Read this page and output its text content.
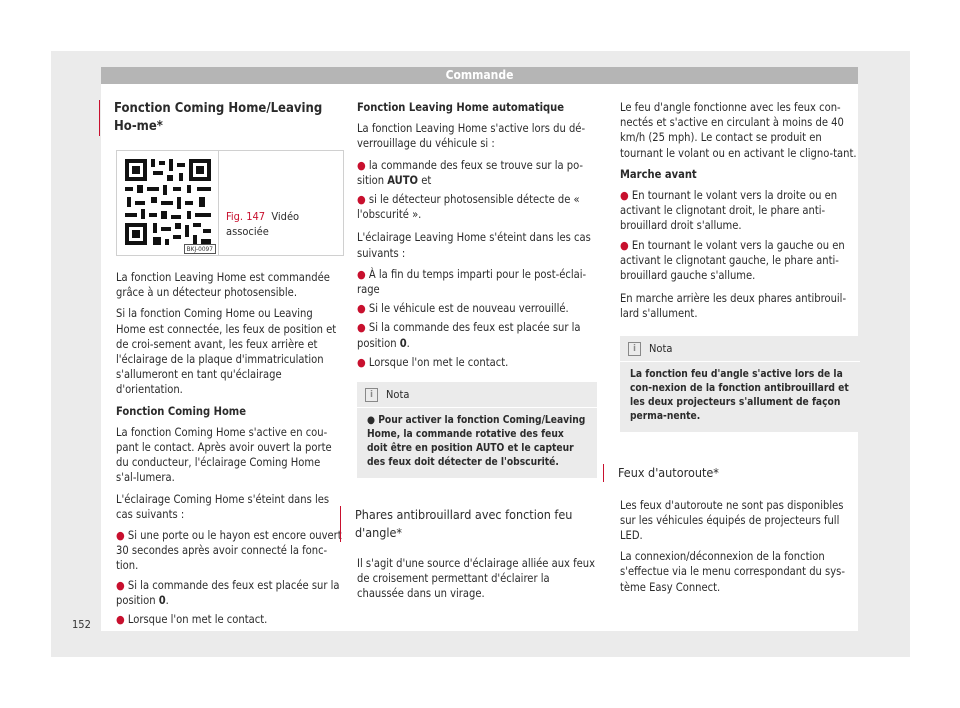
Commande
Fonction Coming Home/Leaving Ho-me*
BKJ-0097
Fig. 147 Vidéo associée

La fonction Leaving Home est commandée grâce à un détecteur photosensible.

Si la fonction Coming Home ou Leaving Home est connectée, les feux de position et de croi-sement avant, les feux arrière et l'éclairage de la plaque d'immatriculation s'allumeront en tant qu'éclairage d'orientation.

Fonction Coming Home

La fonction Coming Home s'active en cou-pant le contact. Après avoir ouvert la porte du conducteur, l'éclairage Coming Home s'al-lumera.

L'éclairage Coming Home s'éteint dans les cas suivants :

● Si une porte ou le hayon est encore ouvert 30 secondes après avoir connecté la fonc-tion.
● Si la commande des feux est placée sur la position 0.
● Lorsque l'on met le contact.

Fonction Leaving Home automatique

La fonction Leaving Home s'active lors du dé-verrouillage du véhicule si :

● la commande des feux se trouve sur la po-sition AUTO et
● si le détecteur photosensible détecte de « l'obscurité ».

L'éclairage Leaving Home s'éteint dans les cas suivants :

● À la fin du temps imparti pour le post-éclai-rage
● Si le véhicule est de nouveau verrouillé.
● Si la commande des feux est placée sur la position 0.
● Lorsque l'on met le contact.
i	Nota
● Pour activer la fonction Coming/Leaving Home, la commande rotative des feux doit être en position AUTO et le capteur des feux doit détecter de l'obscurité.
Phares antibrouillard avec fonction feu d'angle*

Il s'agit d'une source d'éclairage alliée aux feux de croisement permettant d'éclairer la chaussée dans un virage.

Le feu d'angle fonctionne avec les feux con-nectés et s'active en circulant à moins de 40 km/h (25 mph). Le contact se produit en tournant le volant ou en activant le cligno-tant.

Marche avant

● En tournant le volant vers la droite ou en activant le clignotant droit, le phare anti-brouillard droit s'allume.
● En tournant le volant vers la gauche ou en activant le clignotant gauche, le phare anti-brouillard gauche s'allume.

En marche arrière les deux phares antibrouil-lard s'allument.

i	Nota
La fonction feu d'angle s'active lors de la con-nexion de la fonction antibrouillard et les deux projecteurs s'allument de façon perma-nente.
Feux d'autoroute*

Les feux d'autoroute ne sont pas disponibles sur les véhicules équipés de projecteurs full LED.

La connexion/déconnexion de la fonction s'effectue via le menu correspondant du sys-tème Easy Connect.

152
